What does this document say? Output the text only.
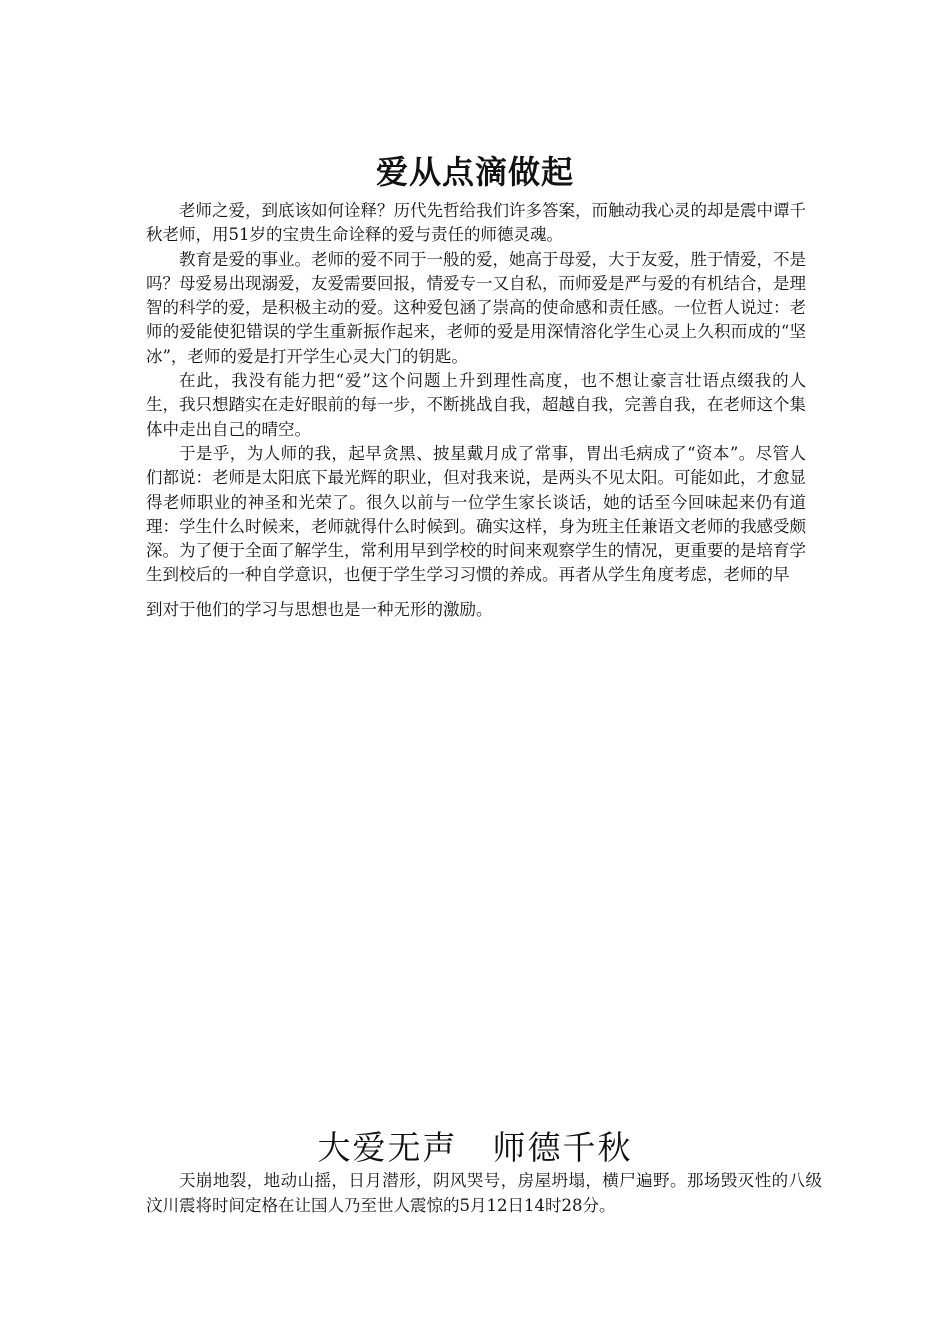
爱从点滴做起

老师之爱，到底该如何诠释？历代先哲给我们许多答案，而触动我心灵的却是震中谭千秋老师，用51岁的宝贵生命诠释的爱与责任的师德灵魂。

教育是爱的事业。老师的爱不同于一般的爱，她高于母爱，大于友爱，胜于情爱，不是吗？母爱易出现溺爱，友爱需要回报，情爱专一又自私，而师爱是严与爱的有机结合，是理智的科学的爱，是积极主动的爱。这种爱包涵了崇高的使命感和责任感。一位哲人说过：老师的爱能使犯错误的学生重新振作起来，老师的爱是用深情溶化学生心灵上久积而成的“坚冰”，老师的爱是打开学生心灵大门的钥匙。

在此，我没有能力把“爱”这个问题上升到理性高度，也不想让豪言壮语点缀我的人生，我只想踏实在走好眼前的每一步，不断挑战自我，超越自我，完善自我，在老师这个集体中走出自己的晴空。

于是乎，为人师的我，起早贪黑、披星戴月成了常事，胃出毛病成了“资本”。尽管人们都说：老师是太阳底下最光辉的职业，但对我来说，是两头不见太阳。可能如此，才愈显得老师职业的神圣和光荣了。很久以前与一位学生家长谈话，她的话至今回味起来仍有道理：学生什么时候来，老师就得什么时候到。确实这样，身为班主任兼语文老师的我感受颇深。为了便于全面了解学生，常利用早到学校的时间来观察学生的情况，更重要的是培育学生到校后的一种自学意识，也便于学生学习习惯的养成。再者从学生角度考虑，老师的早

到对于他们的学习与思想也是一种无形的激励。

大爱无声　师德千秋

天崩地裂，地动山摇，日月潜形，阴风哭号，房屋坍塌，横尸遍野。那场毁灭性的八级汶川震将时间定格在让国人乃至世人震惊的5月12日14时28分。
